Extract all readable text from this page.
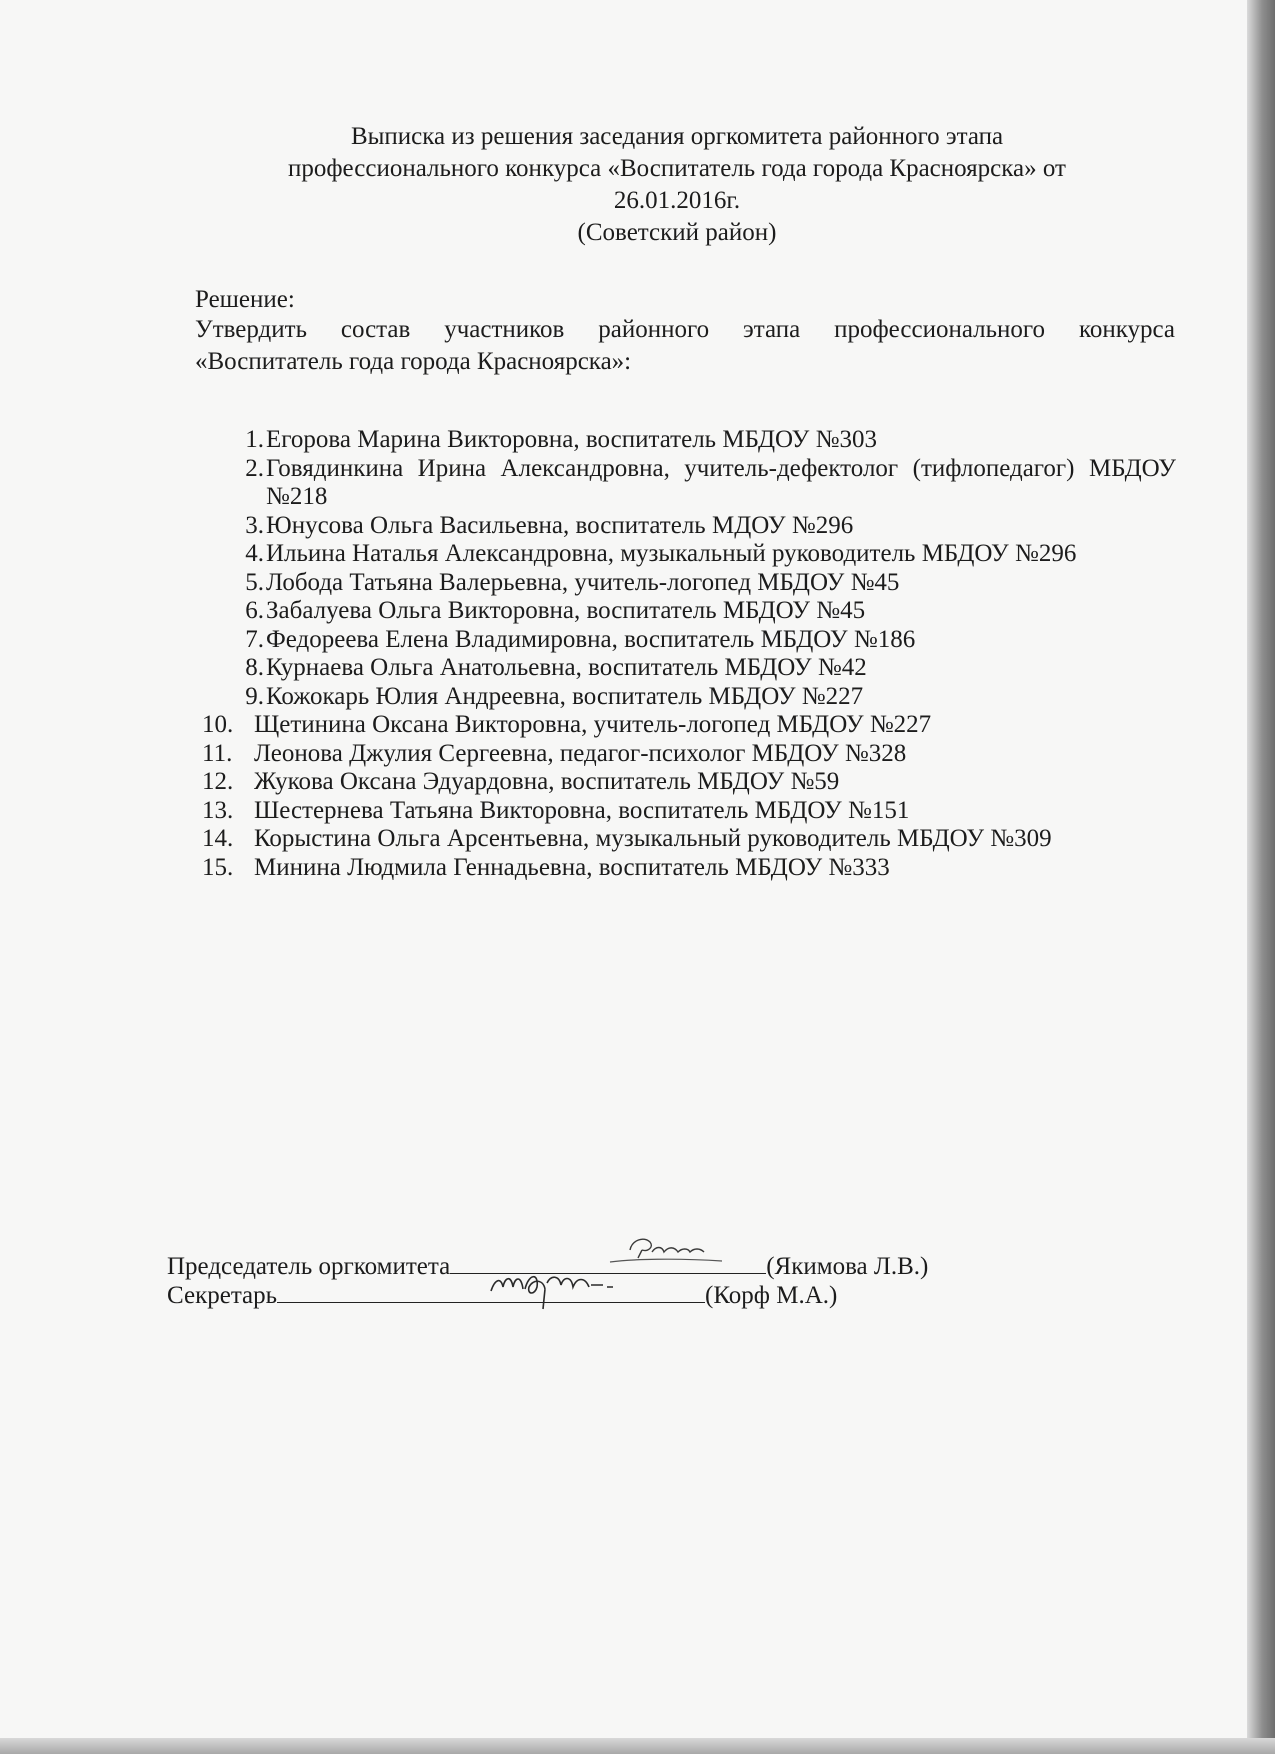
Выписка из решения заседания оргкомитета районного этапа
профессионального конкурса «Воспитатель года города Красноярска» от
26.01.2016г.
(Советский район)
Решение:
Утвердить состав участников районного этапа профессионального конкурса
«Воспитатель года города Красноярска»:
1. Егорова Марина Викторовна, воспитатель МБДОУ №303
2. Говядинкина Ирина Александровна, учитель-дефектолог (тифлопедагог) МБДОУ №218
3. Юнусова Ольга Васильевна, воспитатель МДОУ №296
4. Ильина Наталья Александровна, музыкальный руководитель МБДОУ №296
5. Лобода Татьяна Валерьевна, учитель-логопед МБДОУ №45
6. Забалуева Ольга Викторовна, воспитатель МБДОУ №45
7. Федореева Елена Владимировна, воспитатель МБДОУ №186
8. Курнаева Ольга Анатольевна, воспитатель МБДОУ №42
9. Кожокарь Юлия Андреевна, воспитатель МБДОУ №227
10. Щетинина Оксана Викторовна, учитель-логопед МБДОУ №227
11. Леонова Джулия Сергеевна, педагог-психолог МБДОУ №328
12. Жукова Оксана Эдуардовна, воспитатель МБДОУ №59
13. Шестернева Татьяна Викторовна, воспитатель МБДОУ №151
14. Корыстина Ольга Арсентьевна, музыкальный руководитель МБДОУ №309
15. Минина Людмила Геннадьевна, воспитатель МБДОУ №333
Председатель оргкомитета	(Якимова Л.В.)
Секретарь	(Корф М.А.)
